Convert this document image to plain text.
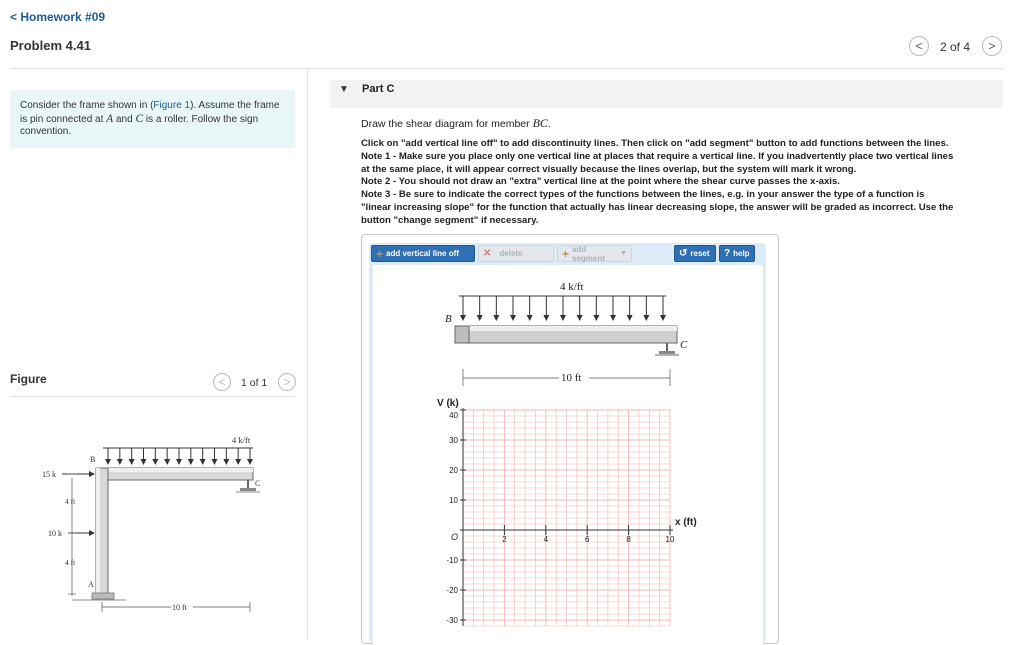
< Homework #09
Problem 4.41	< 2 of 4 >
Consider the frame shown in (Figure 1). Assume the frame is pin connected at A and C is a roller. Follow the sign convention.
Figure	< 1 of 1 >
4 k/ft
B
C
A
15 k
10 k
4 ft
4 ft
10 ft
▼ Part C
Draw the shear diagram for member BC.
Click on "add vertical line off" to add discontinuity lines. Then click on "add segment" button to add functions between the lines.
Note 1 - Make sure you place only one vertical line at places that require a vertical line. If you inadvertently place two vertical lines
at the same place, it will appear correct visually because the lines overlap, but the system will mark it wrong.
Note 2 - You should not draw an "extra" vertical line at the point where the shear curve passes the x-axis.
Note 3 - Be sure to indicate the correct types of the functions between the lines, e.g. in your answer the type of a function is
"linear increasing slope" for the function that actually has linear decreasing slope, the answer will be graded as incorrect. Use the
button "change segment" if necessary.
+ add vertical line off ✕ delete	+ add segment	▼	↺ reset ? help
4 k/ft
B
C
10 ft
V (k)
x (ft)
40
30
20
10
O
-10
-20
-30
2	4	6	8	10
